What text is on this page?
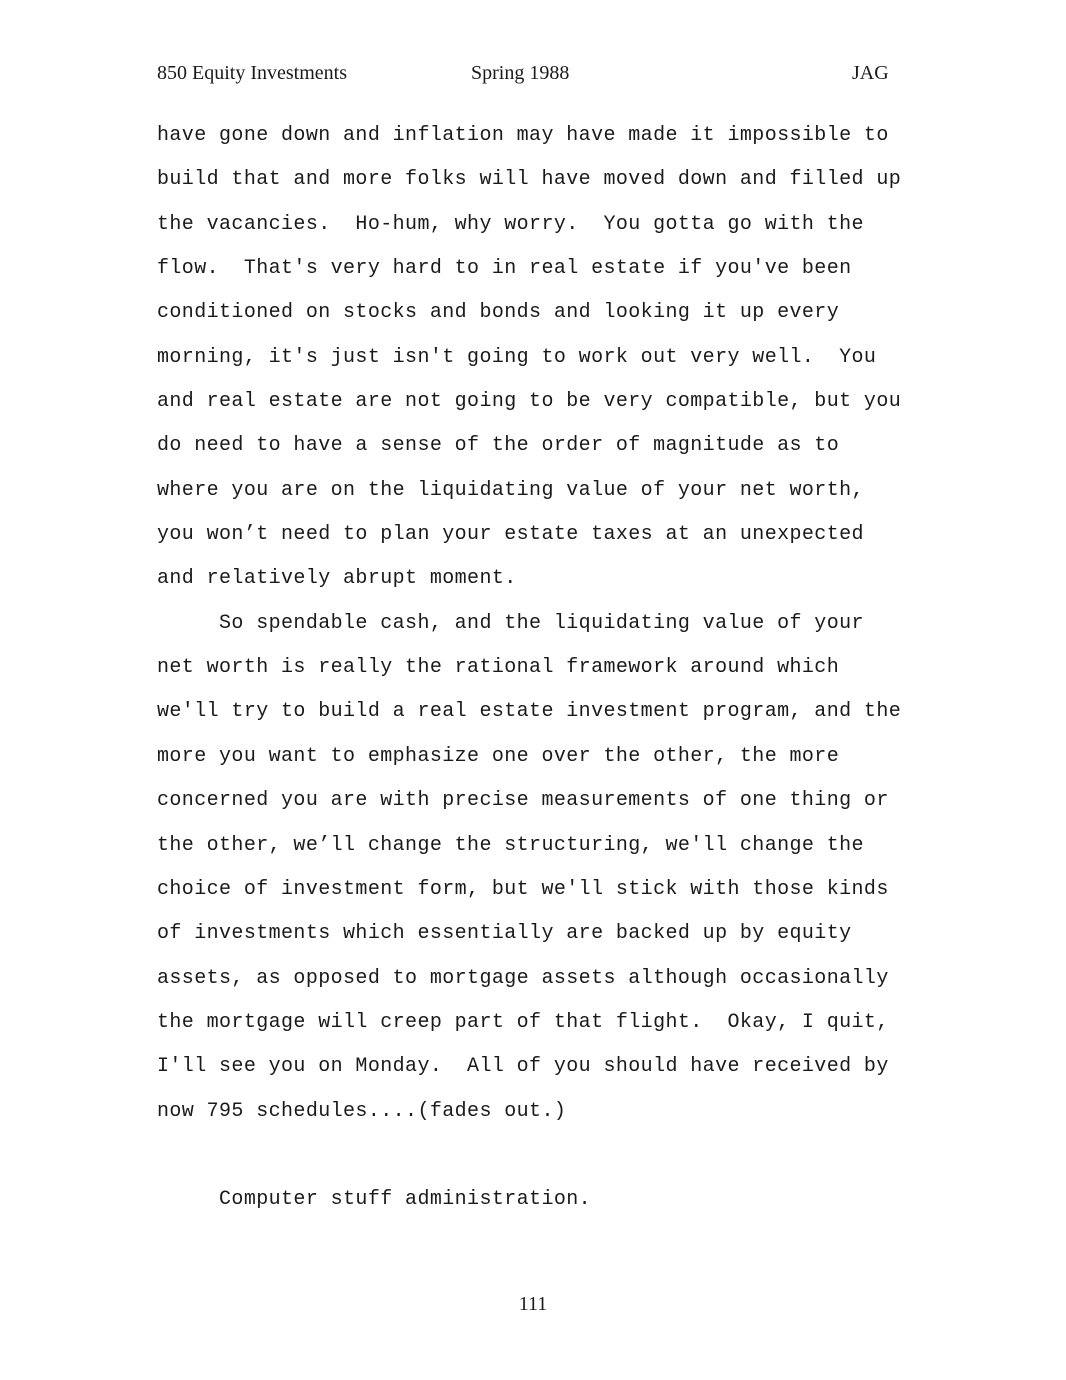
850 Equity Investments	Spring 1988	JAG
have gone down and inflation may have made it impossible to
build that and more folks will have moved down and filled up
the vacancies.  Ho-hum, why worry.  You gotta go with the
flow.  That's very hard to in real estate if you've been
conditioned on stocks and bonds and looking it up every
morning, it's just isn't going to work out very well.  You
and real estate are not going to be very compatible, but you
do need to have a sense of the order of magnitude as to
where you are on the liquidating value of your net worth,
you won’t need to plan your estate taxes at an unexpected
and relatively abrupt moment.
So spendable cash, and the liquidating value of your
net worth is really the rational framework around which
we'll try to build a real estate investment program, and the
more you want to emphasize one over the other, the more
concerned you are with precise measurements of one thing or
the other, we’ll change the structuring, we'll change the
choice of investment form, but we'll stick with those kinds
of investments which essentially are backed up by equity
assets, as opposed to mortgage assets although occasionally
the mortgage will creep part of that flight.  Okay, I quit,
I'll see you on Monday.  All of you should have received by
now 795 schedules....(fades out.)
Computer stuff administration.
111
